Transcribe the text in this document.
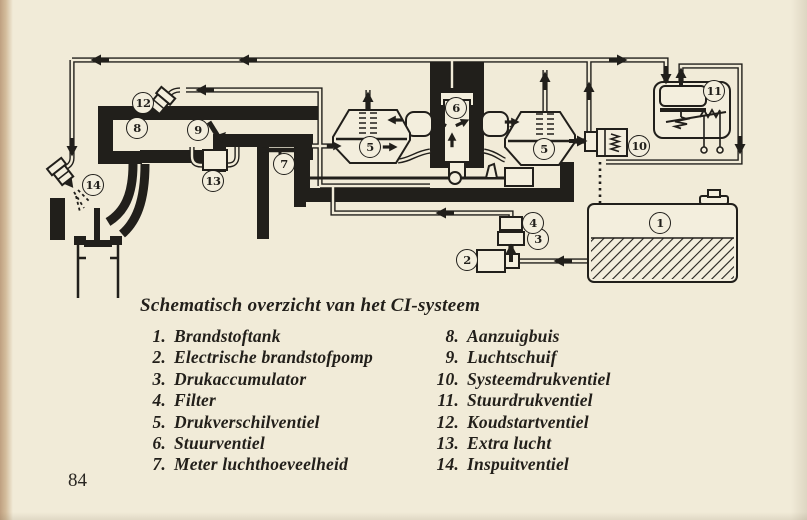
1
2
3
4
5	5
6
7
8	9
10
11
12
13
14
Schematisch overzicht van het CI-systeem
1. Brandstoftank
2. Electrische brandstofpomp
3. Drukaccumulator
4. Filter
5. Drukverschilventiel
6. Stuurventiel
7. Meter luchthoeveelheid
8. Aanzuigbuis
9. Luchtschuif
10. Systeemdrukventiel
11. Stuurdrukventiel
12. Koudstartventiel
13. Extra lucht
14. Inspuitventiel
84
